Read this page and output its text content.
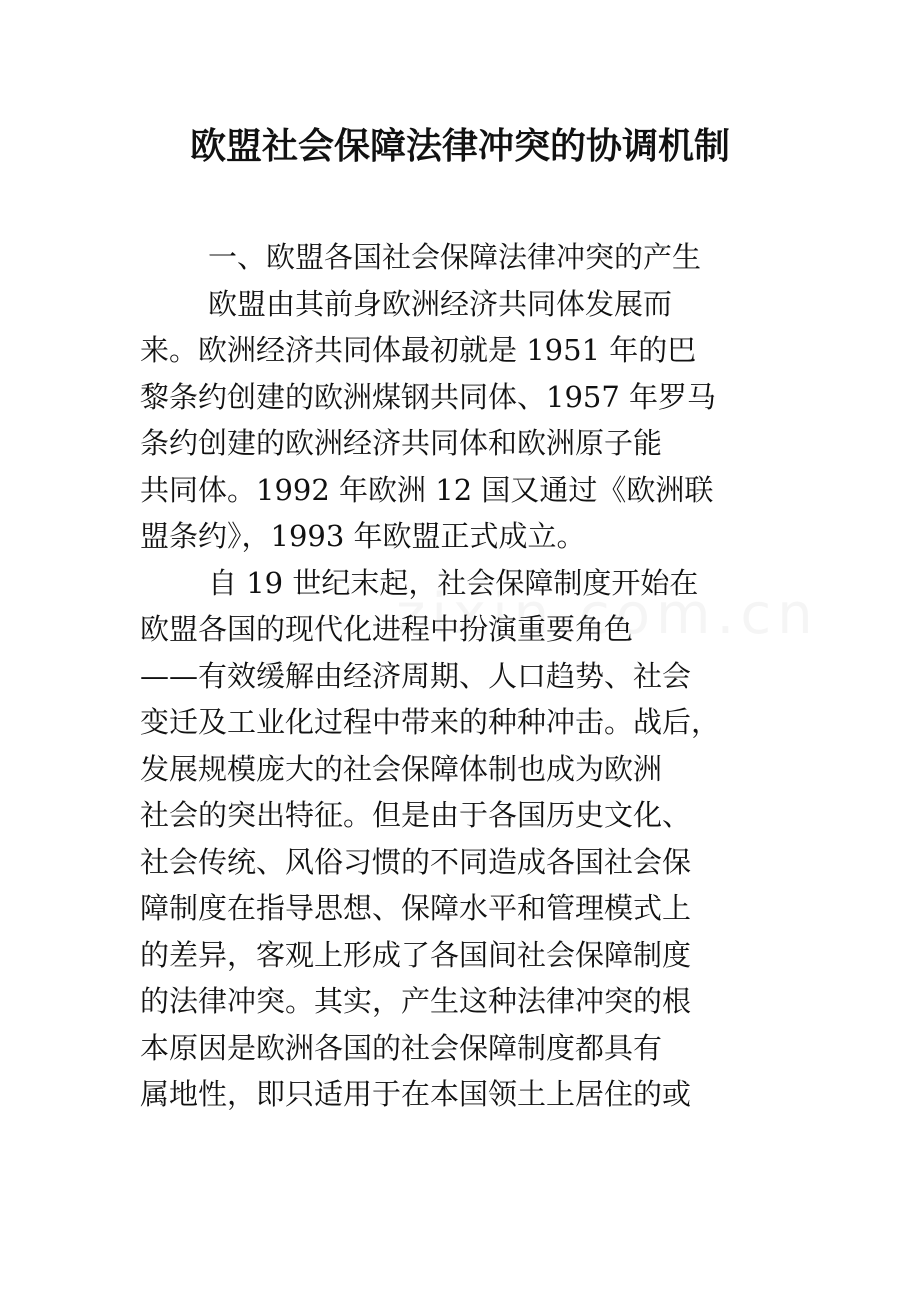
欧盟社会保障法律冲突的协调机制
一、欧盟各国社会保障法律冲突的产生
欧盟由其前身欧洲经济共同体发展而
来。欧洲经济共同体最初就是 1951 年的巴
黎条约创建的欧洲煤钢共同体、1957 年罗马
条约创建的欧洲经济共同体和欧洲原子能
共同体。1992 年欧洲 12 国又通过《欧洲联
盟条约》，1993 年欧盟正式成立。
自 19 世纪末起，社会保障制度开始在
欧盟各国的现代化进程中扮演重要角色
——有效缓解由经济周期、人口趋势、社会
变迁及工业化过程中带来的种种冲击。战后，
发展规模庞大的社会保障体制也成为欧洲
社会的突出特征。但是由于各国历史文化、
社会传统、风俗习惯的不同造成各国社会保
障制度在指导思想、保障水平和管理模式上
的差异，客观上形成了各国间社会保障制度
的法律冲突。其实，产生这种法律冲突的根
本原因是欧洲各国的社会保障制度都具有
属地性，即只适用于在本国领土上居住的或
